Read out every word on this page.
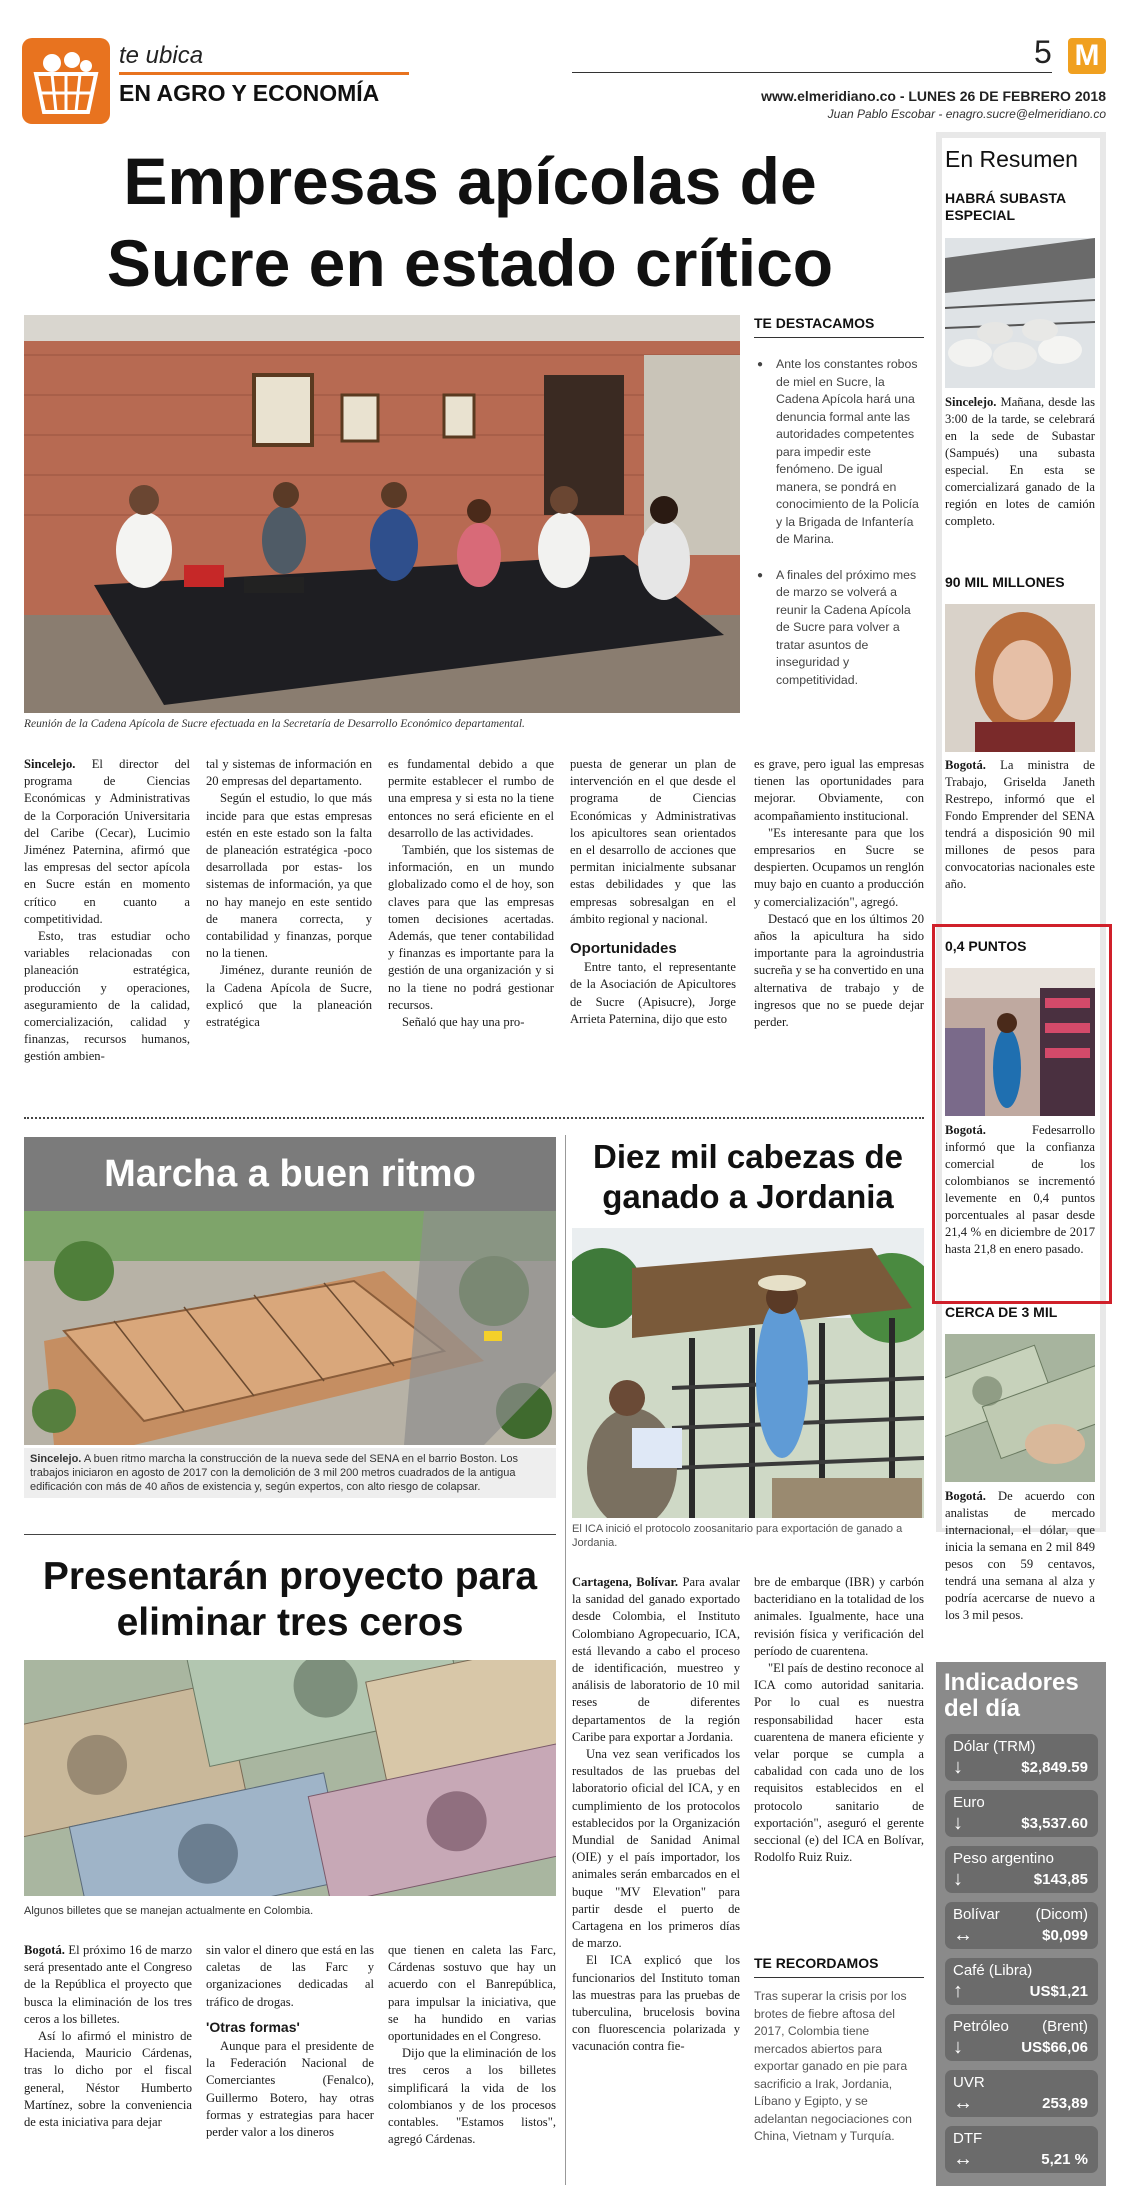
te ubica
EN AGRO Y ECONOMÍA
5 M
www.elmeridiano.co - LUNES 26 DE FEBRERO 2018
Juan Pablo Escobar - enagro.sucre@elmeridiano.co
Empresas apícolas de Sucre en estado crítico
Reunión de la Cadena Apícola de Sucre efectuada en la Secretaría de Desarrollo Económico departamental.
TE DESTACAMOS
● Ante los constantes robos de miel en Sucre, la Cadena Apícola hará una denuncia formal ante las autoridades competentes para impedir este fenómeno. De igual manera, se pondrá en conocimiento de la Policía y la Brigada de Infantería de Marina.
● A finales del próximo mes de marzo se volverá a reunir la Cadena Apícola de Sucre para volver a tratar asuntos de inseguridad y competitividad.

Sincelejo. El director del programa de Ciencias Económicas y Administrativas de la Corporación Universitaria del Caribe (Cecar), Lucimio Jiménez Paternina, afirmó que las empresas del sector apícola en Sucre están en momento crítico en cuanto a competitividad.

Esto, tras estudiar ocho variables relacionadas con planeación estratégica, producción y operaciones, aseguramiento de la calidad, comercialización, calidad y finanzas, recursos humanos, gestión ambien-

tal y sistemas de información en 20 empresas del departamento.

Según el estudio, lo que más incide para que estas empresas estén en este estado son la falta de planeación estratégica -poco desarrollada por estas- los sistemas de información, ya que no hay manejo en este sentido de manera correcta, y contabilidad y finanzas, porque no la tienen.

Jiménez, durante reunión de la Cadena Apícola de Sucre, explicó que la planeación estratégica

es fundamental debido a que permite establecer el rumbo de una empresa y si esta no la tiene entonces no será eficiente en el desarrollo de las actividades.

También, que los sistemas de información, en un mundo globalizado como el de hoy, son claves para que las empresas tomen decisiones acertadas. Además, que tener contabilidad y finanzas es importante para la gestión de una organización y si no la tiene no podrá gestionar recursos.

Señaló que hay una pro-

puesta de generar un plan de intervención en el que desde el programa de Ciencias Económicas y Administrativas los apicultores sean orientados en el desarrollo de acciones que permitan inicialmente subsanar estas debilidades y que las empresas sobresalgan en el ámbito regional y nacional.

Oportunidades

Entre tanto, el representante de la Asociación de Apicultores de Sucre (Apisucre), Jorge Arrieta Paternina, dijo que esto

es grave, pero igual las empresas tienen las oportunidades para mejorar. Obviamente, con acompañamiento institucional.

"Es interesante para que los empresarios en Sucre se despierten. Ocupamos un renglón muy bajo en cuanto a producción y comercialización", agregó.

Destacó que en los últimos 20 años la apicultura ha sido importante para la agroindustria sucreña y se ha convertido en una alternativa de trabajo y de ingresos que no se puede dejar perder.

Marcha a buen ritmo
Sincelejo. A buen ritmo marcha la construcción de la nueva sede del SENA en el barrio Boston. Los trabajos iniciaron en agosto de 2017 con la demolición de 3 mil 200 metros cuadrados de la antigua edificación con más de 40 años de existencia y, según expertos, con alto riesgo de colapsar.
Presentarán proyecto para eliminar tres ceros
Algunos billetes que se manejan actualmente en Colombia.

Bogotá. El próximo 16 de marzo será presentado ante el Congreso de la República el proyecto que busca la eliminación de los tres ceros a los billetes.

Así lo afirmó el ministro de Hacienda, Mauricio Cárdenas, tras lo dicho por el fiscal general, Néstor Humberto Martínez, sobre la conveniencia de esta iniciativa para dejar

sin valor el dinero que está en las caletas de las Farc y organizaciones dedicadas al tráfico de drogas.

'Otras formas'

Aunque para el presidente de la Federación Nacional de Comerciantes (Fenalco), Guillermo Botero, hay otras formas y estrategias para hacer perder valor a los dineros

que tienen en caleta las Farc, Cárdenas sostuvo que hay un acuerdo con el Banrepública, para impulsar la iniciativa, que se ha hundido en varias oportunidades en el Congreso.

Dijo que la eliminación de los tres ceros a los billetes simplificará la vida de los colombianos y de los procesos contables. "Estamos listos", agregó Cárdenas.

Diez mil cabezas de ganado a Jordania
El ICA inició el protocolo zoosanitario para exportación de ganado a Jordania.

Cartagena, Bolívar. Para avalar la sanidad del ganado exportado desde Colombia, el Instituto Colombiano Agropecuario, ICA, está llevando a cabo el proceso de identificación, muestreo y análisis de laboratorio de 10 mil reses de diferentes departamentos de la región Caribe para exportar a Jordania.

Una vez sean verificados los resultados de las pruebas del laboratorio oficial del ICA, y en cumplimiento de los protocolos establecidos por la Organización Mundial de Sanidad Animal (OIE) y el país importador, los animales serán embarcados en el buque "MV Elevation" para partir desde el puerto de Cartagena en los primeros días de marzo.

El ICA explicó que los funcionarios del Instituto toman las muestras para las pruebas de tuberculina, brucelosis bovina con fluorescencia polarizada y vacunación contra fie-

bre de embarque (IBR) y carbón bacteridiano en la totalidad de los animales. Igualmente, hace una revisión física y verificación del período de cuarentena.

"El país de destino reconoce al ICA como autoridad sanitaria. Por lo cual es nuestra responsabilidad hacer esta cuarentena de manera eficiente y velar porque se cumpla a cabalidad con cada uno de los requisitos establecidos en el protocolo sanitario de exportación", aseguró el gerente seccional (e) del ICA en Bolívar, Rodolfo Ruiz Ruiz.

TE RECORDAMOS
Tras superar la crisis por los brotes de fiebre aftosa del 2017, Colombia tiene mercados abiertos para exportar ganado en pie para sacrificio a Irak, Jordania, Líbano y Egipto, y se adelantan negociaciones con China, Vietnam y Turquía.
En Resumen
HABRÁ SUBASTA ESPECIAL
Sincelejo. Mañana, desde las 3:00 de la tarde, se celebrará en la sede de Subastar (Sampués) una subasta especial. En esta se comercializará ganado de la región en lotes de camión completo.
90 MIL MILLONES
Bogotá. La ministra de Trabajo, Griselda Janeth Restrepo, informó que el Fondo Emprender del SENA tendrá a disposición 90 mil millones de pesos para convocatorias nacionales este año.
0,4 PUNTOS
Bogotá.	Fedesarrollo informó que la confianza comercial de los colombianos se incrementó levemente en 0,4 puntos porcentuales al pasar desde 21,4 % en diciembre de 2017 hasta 21,8 en enero pasado.
CERCA DE 3 MIL
Bogotá. De acuerdo con analistas de mercado internacional, el dólar, que inicia la semana en 2 mil 849 pesos con 59 centavos, tendrá una semana al alza y podría acercarse de nuevo a los 3 mil pesos.
Indicadores del día
Dólar (TRM)
↓	$2,849.59
Euro
↓	$3,537.60
Peso argentino
↓	$143,85
Bolívar (Dicom)
↔	$0,099
Café (Libra)
↑	US$1,21
Petróleo (Brent)
↓	US$66,06
UVR
↔	253,89
DTF
↔	5,21 %
